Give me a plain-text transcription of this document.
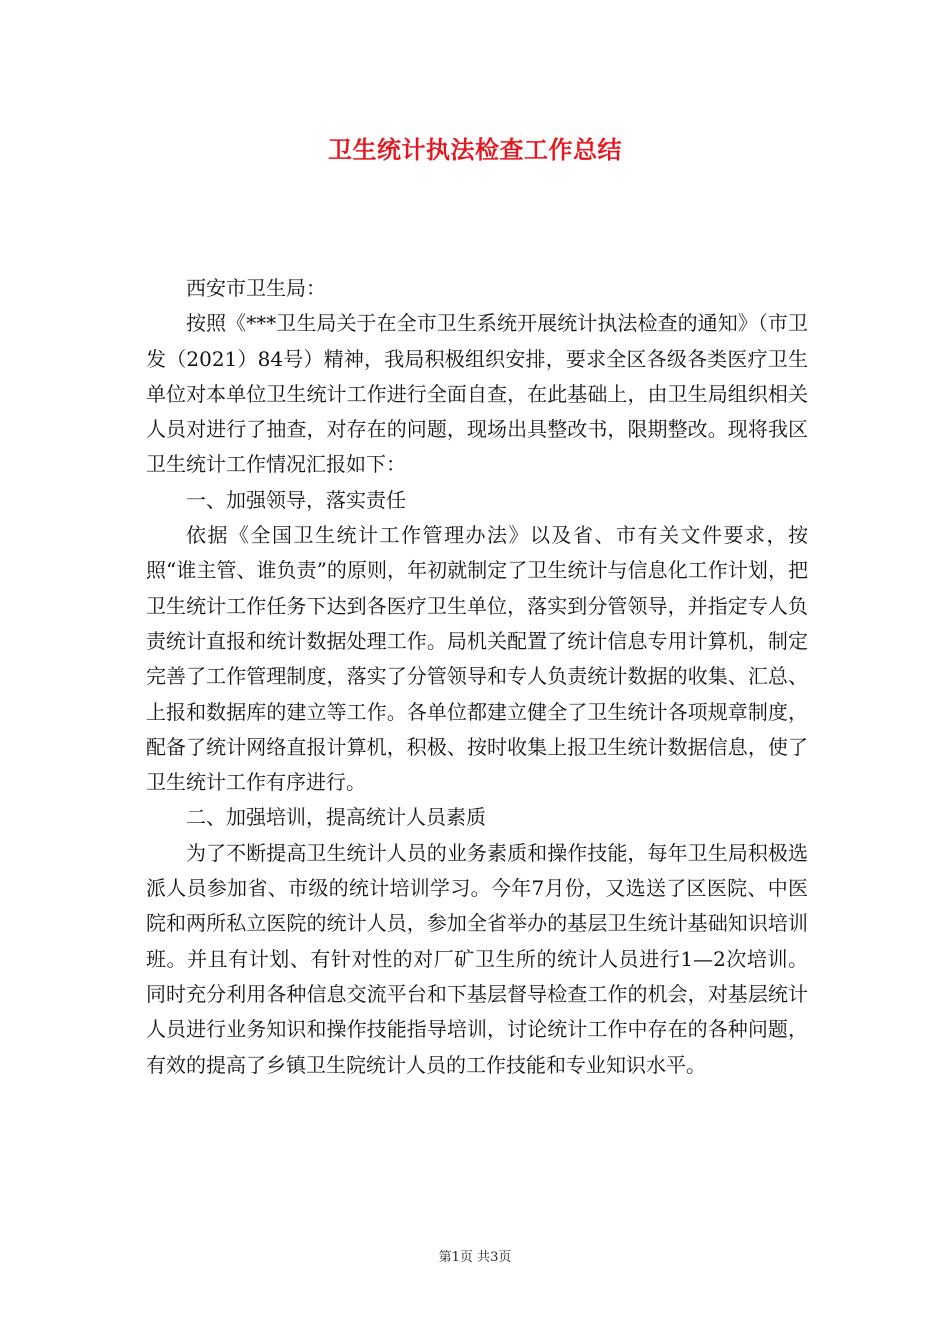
卫生统计执法检查工作总结

西安市卫生局：

按照《***卫生局关于在全市卫生系统开展统计执法检查的通知》（市卫发（2021）84号）精神，我局积极组织安排，要求全区各级各类医疗卫生单位对本单位卫生统计工作进行全面自查，在此基础上，由卫生局组织相关人员对进行了抽查，对存在的问题，现场出具整改书，限期整改。现将我区卫生统计工作情况汇报如下：

一、加强领导，落实责任

依据《全国卫生统计工作管理办法》以及省、市有关文件要求，按照“谁主管、谁负责”的原则，年初就制定了卫生统计与信息化工作计划，把卫生统计工作任务下达到各医疗卫生单位，落实到分管领导，并指定专人负责统计直报和统计数据处理工作。局机关配置了统计信息专用计算机，制定完善了工作管理制度，落实了分管领导和专人负责统计数据的收集、汇总、上报和数据库的建立等工作。各单位都建立健全了卫生统计各项规章制度，配备了统计网络直报计算机，积极、按时收集上报卫生统计数据信息，使了卫生统计工作有序进行。

二、加强培训，提高统计人员素质

为了不断提高卫生统计人员的业务素质和操作技能，每年卫生局积极选派人员参加省、市级的统计培训学习。今年7月份，又选送了区医院、中医院和两所私立医院的统计人员，参加全省举办的基层卫生统计基础知识培训班。并且有计划、有针对性的对厂矿卫生所的统计人员进行1—2次培训。同时充分利用各种信息交流平台和下基层督导检查工作的机会，对基层统计人员进行业务知识和操作技能指导培训，讨论统计工作中存在的各种问题，有效的提高了乡镇卫生院统计人员的工作技能和专业知识水平。

第1页 共3页
